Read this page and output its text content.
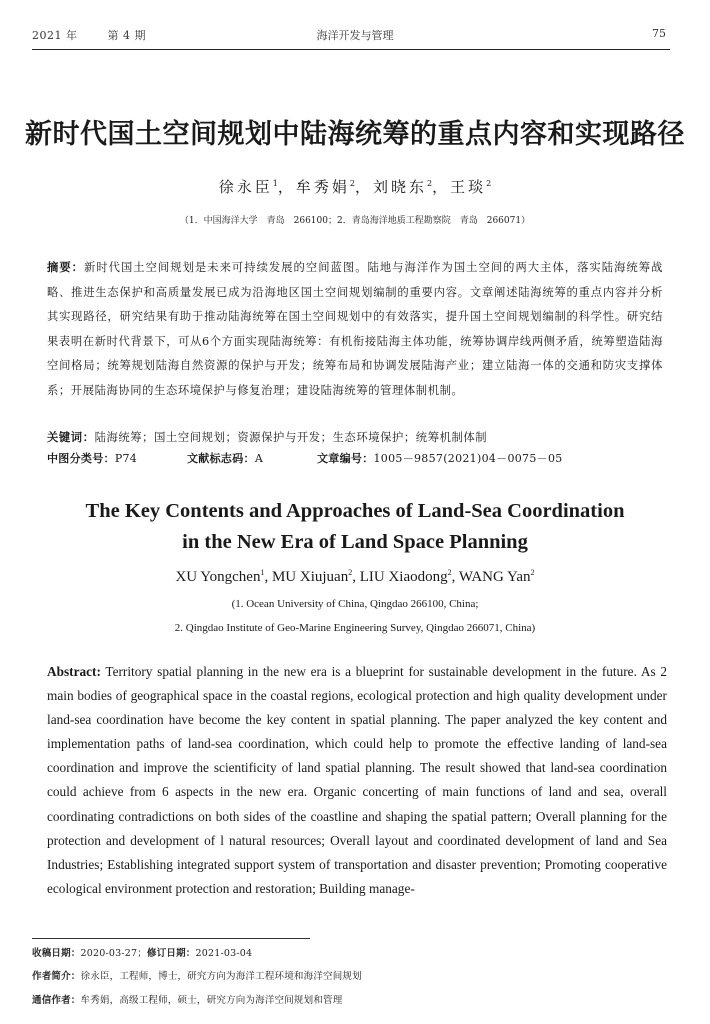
2021 年	第 4 期	海洋开发与管理	75
新时代国土空间规划中陆海统筹的重点内容和实现路径
徐永臣$^1$，牟秀娟$^2$，刘晓东$^2$，王琰$^2$
（1．中国海洋大学　青岛　266100；2．青岛海洋地质工程勘察院　青岛　266071）
摘要：新时代国土空间规划是未来可持续发展的空间蓝图。陆地与海洋作为国土空间的两大主体，落实陆海统筹战略、推进生态保护和高质量发展已成为沿海地区国土空间规划编制的重要内容。文章阐述陆海统筹的重点内容并分析其实现路径，研究结果有助于推动陆海统筹在国土空间规划中的有效落实，提升国土空间规划编制的科学性。研究结果表明在新时代背景下，可从6个方面实现陆海统筹：有机衔接陆海主体功能，统筹协调岸线两侧矛盾，统筹塑造陆海空间格局；统筹规划陆海自然资源的保护与开发；统筹布局和协调发展陆海产业；建立陆海一体的交通和防灾支撑体系；开展陆海协同的生态环境保护与修复治理；建设陆海统筹的管理体制机制。
关键词：陆海统筹；国土空间规划；资源保护与开发；生态环境保护；统筹机制体制
中图分类号：P74	文献标志码：A	文章编号：1005－9857(2021)04－0075－05
The Key Contents and Approaches of Land-Sea Coordination
in the New Era of Land Space Planning
XU Yongchen$^1$, MU Xiujuan$^2$, LIU Xiaodong$^2$, WANG Yan$^2$
(1. Ocean University of China, Qingdao 266100, China;
2. Qingdao Institute of Geo-Marine Engineering Survey, Qingdao 266071, China)
Abstract: Territory spatial planning in the new era is a blueprint for sustainable development in the future. As 2 main bodies of geographical space in the coastal regions, ecological protection and high quality development under land-sea coordination have become the key content in spatial planning. The paper analyzed the key content and implementation paths of land-sea coordination, which could help to promote the effective landing of land-sea coordination and improve the scientificity of land spatial planning. The result showed that land-sea coordination could achieve from 6 aspects in the new era. Organic concerting of main functions of land and sea, overall coordinating contradictions on both sides of the coastline and shaping the spatial pattern; Overall planning for the protection and development of l natural resources; Overall layout and coordinated development of land and Sea Industries; Establishing integrated support system of transportation and disaster prevention; Promoting cooperative ecological environment protection and restoration; Building manage-
收稿日期：2020-03-27；修订日期：2021-03-04
作者简介：徐永臣，工程师，博士，研究方向为海洋工程环境和海洋空间规划
通信作者：牟秀娟，高级工程师，硕士，研究方向为海洋空间规划和管理
